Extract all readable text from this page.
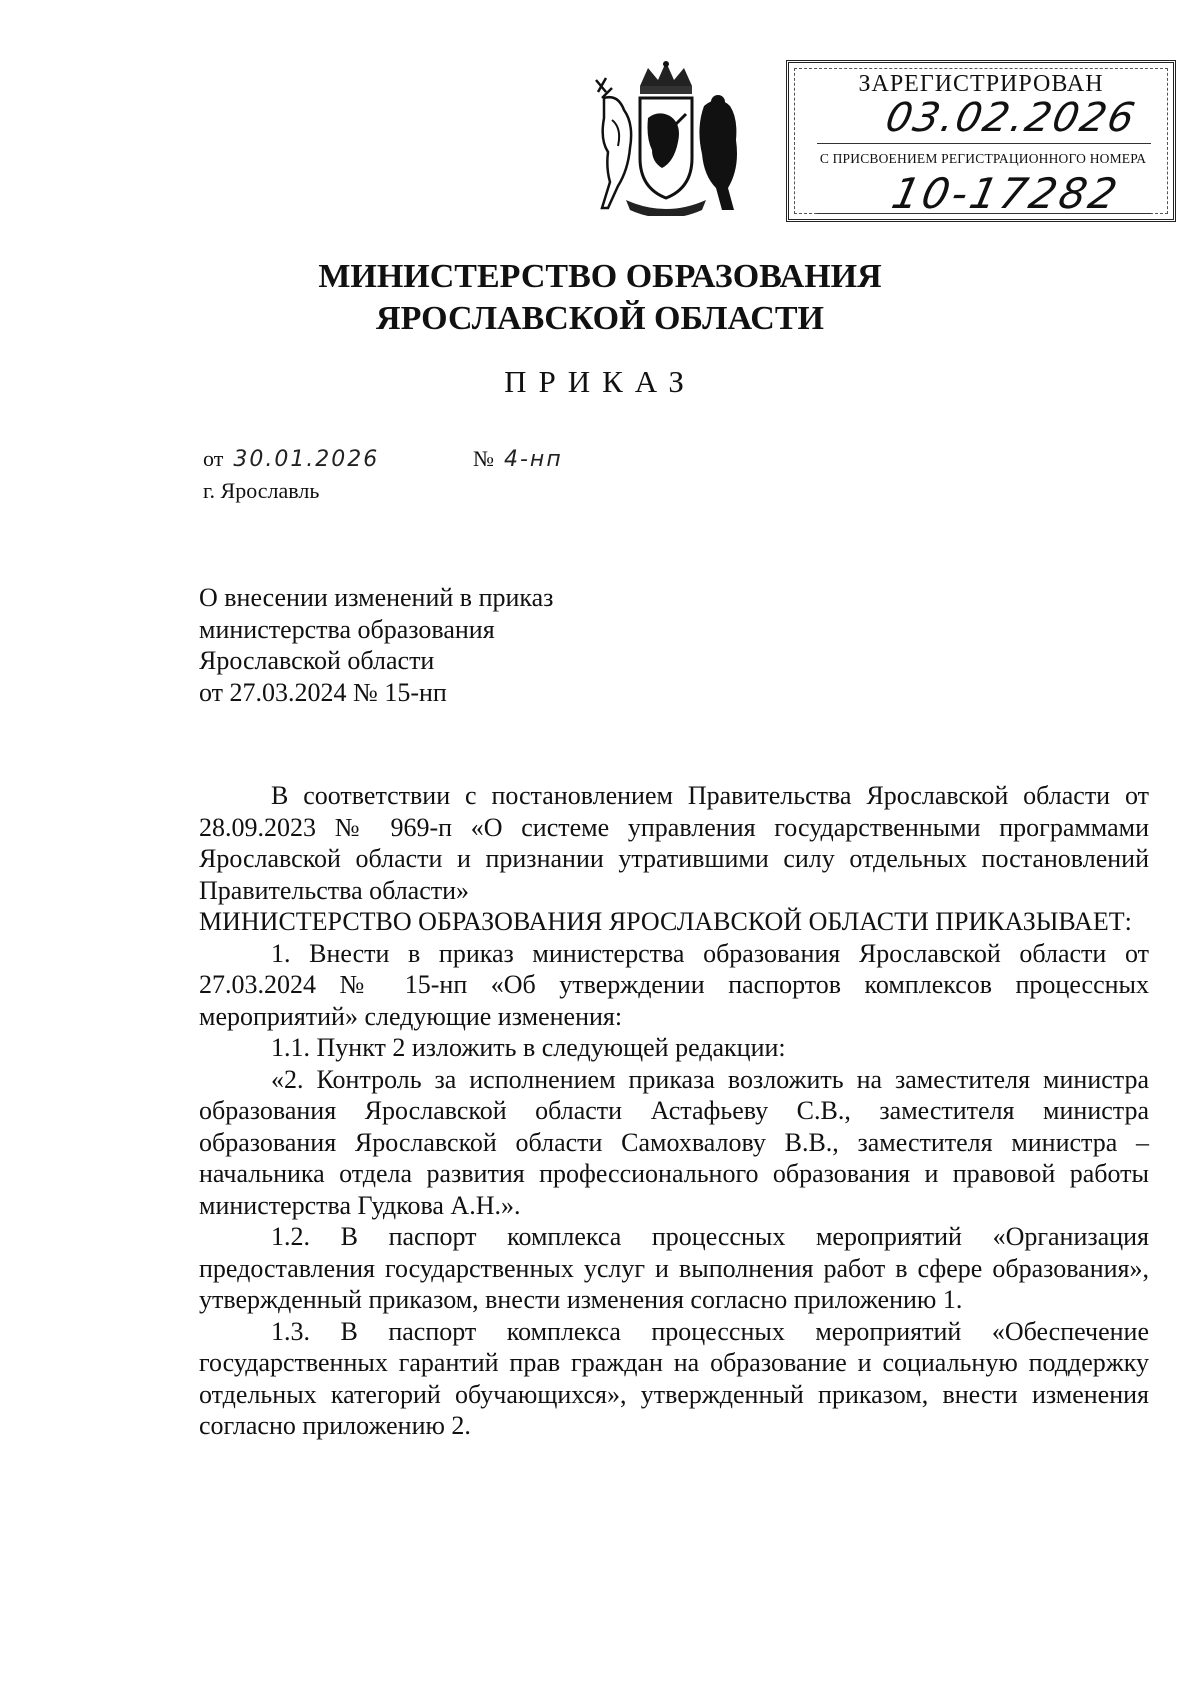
ЗАРЕГИСТРИРОВАН
03.02.2026
С ПРИСВОЕНИЕМ РЕГИСТРАЦИОННОГО НОМЕРА
10-17282
МИНИСТЕРСТВО ОБРАЗОВАНИЯ
ЯРОСЛАВСКОЙ ОБЛАСТИ
ПРИКАЗ
от 30.01.2026	№ 4-нп
г. Ярославль
О внесении изменений в приказ
министерства образования
Ярославской области
от 27.03.2024 № 15-нп

В соответствии с постановлением Правительства Ярославской области от 28.09.2023 № 969-п «О системе управления государственными программами Ярославской области и признании утратившими силу отдельных постановлений Правительства области»

МИНИСТЕРСТВО ОБРАЗОВАНИЯ ЯРОСЛАВСКОЙ ОБЛАСТИ ПРИКАЗЫВАЕТ:

1. Внести в приказ министерства образования Ярославской области от 27.03.2024 № 15-нп «Об утверждении паспортов комплексов процессных мероприятий» следующие изменения:

1.1. Пункт 2 изложить в следующей редакции:

«2. Контроль за исполнением приказа возложить на заместителя министра образования Ярославской области Астафьеву С.В., заместителя министра образования Ярославской области Самохвалову В.В., заместителя министра – начальника отдела развития профессионального образования и правовой работы министерства Гудкова А.Н.».

1.2. В паспорт комплекса процессных мероприятий «Организация предоставления государственных услуг и выполнения работ в сфере образования», утвержденный приказом, внести изменения согласно приложению 1.

1.3. В паспорт комплекса процессных мероприятий «Обеспечение государственных гарантий прав граждан на образование и социальную поддержку отдельных категорий обучающихся», утвержденный приказом, внести изменения согласно приложению 2.
